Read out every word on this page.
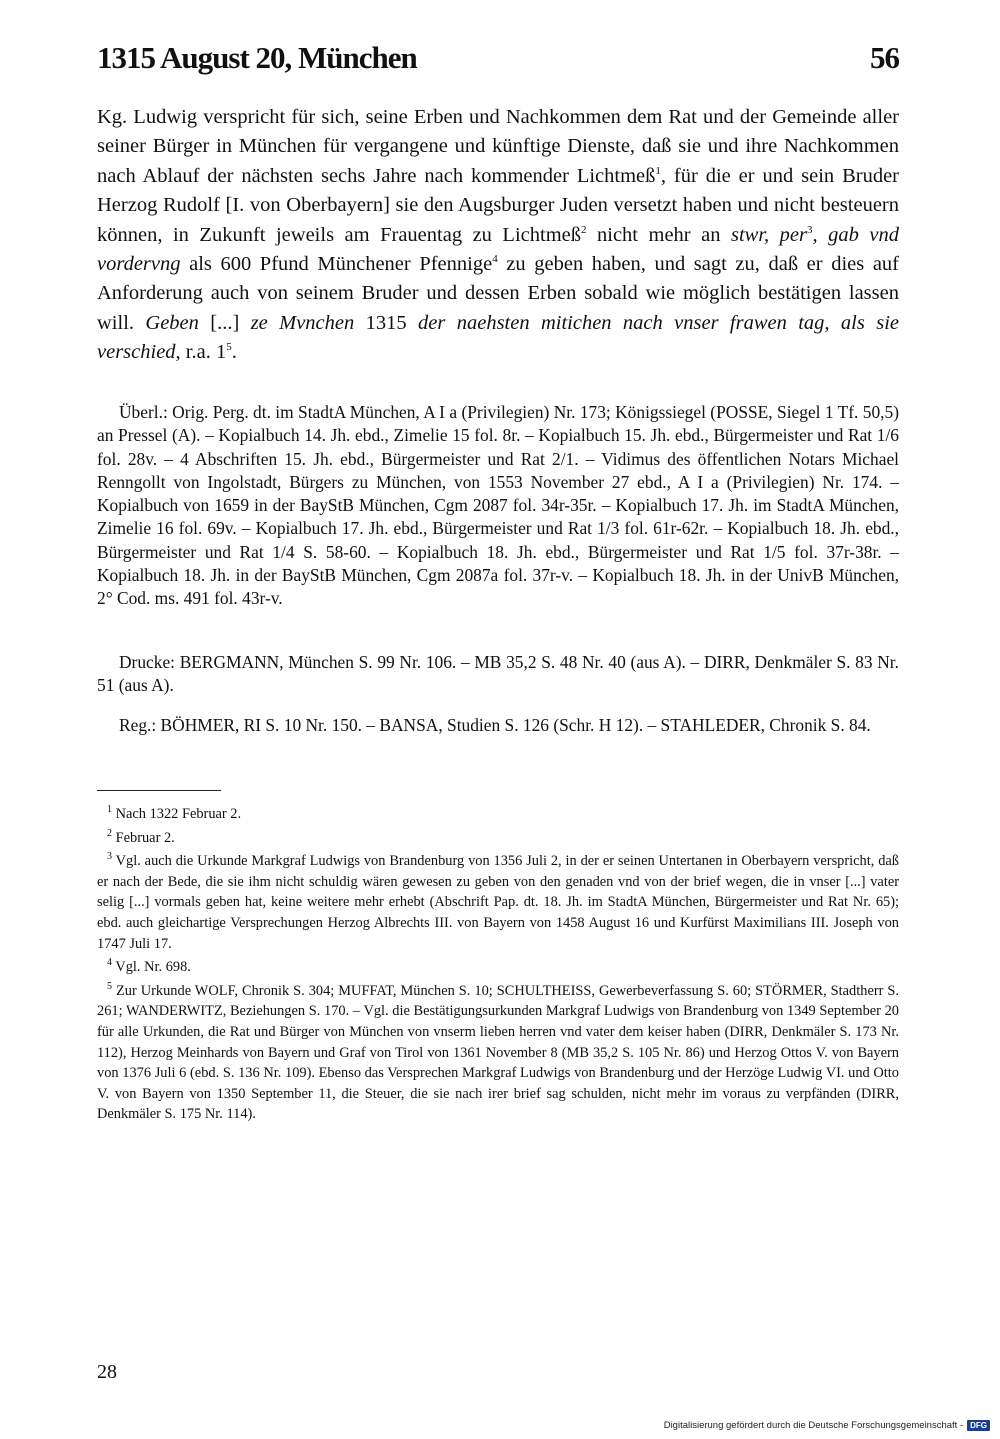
1315 August 20, München	56

Kg. Ludwig verspricht für sich, seine Erben und Nachkommen dem Rat und der Gemeinde aller seiner Bürger in München für vergangene und künftige Dienste, daß sie und ihre Nachkommen nach Ablauf der nächsten sechs Jahre nach kommender Lichtmeß$^1$, für die er und sein Bruder Herzog Rudolf [I. von Oberbayern] sie den Augsburger Juden versetzt haben und nicht besteuern können, in Zukunft jeweils am Frauentag zu Lichtmeß$^2$ nicht mehr an stwr, per$^3$, gab vnd vordervng als 600 Pfund Münchener Pfennige$^4$ zu geben haben, und sagt zu, daß er dies auf Anforderung auch von seinem Bruder und dessen Erben sobald wie möglich bestätigen lassen will. Geben [...] ze Mvnchen 1315 der naehsten mitichen nach vnser frawen tag, als sie verschied, r.a. $1^5$.

Überl.: Orig. Perg. dt. im StadtA München, A I a (Privilegien) Nr. 173; Königssiegel (POSSE, Siegel 1 Tf. 50,5) an Pressel (A). – Kopialbuch 14. Jh. ebd., Zimelie 15 fol. 8r. – Kopialbuch 15. Jh. ebd., Bürgermeister und Rat 1/6 fol. 28v. – 4 Abschriften 15. Jh. ebd., Bürgermeister und Rat 2/1. – Vidimus des öffentlichen Notars Michael Renngollt von Ingolstadt, Bürgers zu München, von 1553 November 27 ebd., A I a (Privilegien) Nr. 174. – Kopialbuch von 1659 in der BayStB München, Cgm 2087 fol. 34r-35r. – Kopialbuch 17. Jh. im StadtA München, Zimelie 16 fol. 69v. – Kopialbuch 17. Jh. ebd., Bürgermeister und Rat 1/3 fol. 61r-62r. – Kopialbuch 18. Jh. ebd., Bürgermeister und Rat 1/4 S. 58-60. – Kopialbuch 18. Jh. ebd., Bürgermeister und Rat 1/5 fol. 37r-38r. – Kopialbuch 18. Jh. in der BayStB München, Cgm 2087a fol. 37r-v. – Kopialbuch 18. Jh. in der UnivB München, 2° Cod. ms. 491 fol. 43r-v.

Drucke: BERGMANN, München S. 99 Nr. 106. – MB 35,2 S. 48 Nr. 40 (aus A). – DIRR, Denkmäler S. 83 Nr. 51 (aus A).

Reg.: BÖHMER, RI S. 10 Nr. 150. – BANSA, Studien S. 126 (Schr. H 12). – STAHLEDER, Chronik S. 84.

$^1$ Nach 1322 Februar 2.

$^2$ Februar 2.

$^3$ Vgl. auch die Urkunde Markgraf Ludwigs von Brandenburg von 1356 Juli 2, in der er seinen Untertanen in Oberbayern verspricht, daß er nach der Bede, die sie ihm nicht schuldig wären gewesen zu geben von den genaden vnd von der brief wegen, die in vnser [...] vater selig [...] vormals geben hat, keine weitere mehr erhebt (Abschrift Pap. dt. 18. Jh. im StadtA München, Bürgermeister und Rat Nr. 65); ebd. auch gleichartige Versprechungen Herzog Albrechts III. von Bayern von 1458 August 16 und Kurfürst Maximilians III. Joseph von 1747 Juli 17.

$^4$ Vgl. Nr. 698.

$^5$ Zur Urkunde WOLF, Chronik S. 304; MUFFAT, München S. 10; SCHULTHEISS, Gewerbeverfassung S. 60; STÖRMER, Stadtherr S. 261; WANDERWITZ, Beziehungen S. 170. – Vgl. die Bestätigungsurkunden Markgraf Ludwigs von Brandenburg von 1349 September 20 für alle Urkunden, die Rat und Bürger von München von vnserm lieben herren vnd vater dem keiser haben (DIRR, Denkmäler S. 173 Nr. 112), Herzog Meinhards von Bayern und Graf von Tirol von 1361 November 8 (MB 35,2 S. 105 Nr. 86) und Herzog Ottos V. von Bayern von 1376 Juli 6 (ebd. S. 136 Nr. 109). Ebenso das Versprechen Markgraf Ludwigs von Brandenburg und der Herzöge Ludwig VI. und Otto V. von Bayern von 1350 September 11, die Steuer, die sie nach irer brief sag schulden, nicht mehr im voraus zu verpfänden (DIRR, Denkmäler S. 175 Nr. 114).

28
Digitalisierung gefördert durch die Deutsche Forschungsgemeinschaft - DFG
